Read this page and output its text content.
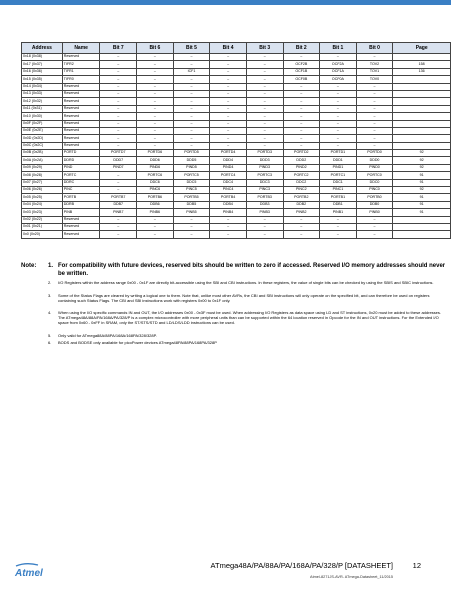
Address	Name	Bit 7	Bit 6	Bit 5	Bit 4	Bit 3	Bit 2	Bit 1	Bit 0	Page
0x18 (0x38)	Reserved	–	–	–	–	–	–	–	–	
0x17 (0x37)	TIFR2	–	–	–	–	–	OCF2B	OCF2A	TOV2	158
0x16 (0x36)	TIFR1	–	–	ICF1	–	–	OCF1B	OCF1A	TOV1	136
0x15 (0x35)	TIFR0	–	–	–	–	–	OCF0B	OCF0A	TOV0	
0x14 (0x34)	Reserved	–	–	–	–	–	–	–	–	
0x13 (0x33)	Reserved	–	–	–	–	–	–	–	–	
0x12 (0x32)	Reserved	–	–	–	–	–	–	–	–	
0x11 (0x31)	Reserved	–	–	–	–	–	–	–	–	
0x10 (0x30)	Reserved	–	–	–	–	–	–	–	–	
0x0F (0x2F)	Reserved	–	–	–	–	–	–	–	–	
0x0E (0x2E)	Reserved	–	–	–	–	–	–	–	–	
0x0D (0x2D)	Reserved	–	–	–	–	–	–	–	–	
0x0C (0x2C)	Reserved	–	–	–	–	–	–	–	–	
0x0B (0x2B)	PORTD	PORTD7	PORTD6	PORTD5	PORTD4	PORTD3	PORTD2	PORTD1	PORTD0	92
0x0A (0x2A)	DDRD	DDD7	DDD6	DDD5	DDD4	DDD3	DDD2	DDD1	DDD0	92
0x09 (0x29)	PIND	PIND7	PIND6	PIND5	PIND4	PIND3	PIND2	PIND1	PIND0	92
0x08 (0x28)	PORTC	–	PORTC6	PORTC5	PORTC4	PORTC3	PORTC2	PORTC1	PORTC0	91
0x07 (0x27)	DDRC	–	DDC6	DDC5	DDC4	DDC3	DDC2	DDC1	DDC0	91
0x06 (0x26)	PINC	–	PINC6	PINC5	PINC4	PINC3	PINC2	PINC1	PINC0	92
0x05 (0x25)	PORTB	PORTB7	PORTB6	PORTB5	PORTB4	PORTB3	PORTB2	PORTB1	PORTB0	91
0x04 (0x24)	DDRB	DDB7	DDB6	DDB5	DDB4	DDB3	DDB2	DDB1	DDB0	91
0x03 (0x23)	PINB	PINB7	PINB6	PINB5	PINB4	PINB3	PINB2	PINB1	PINB0	91
0x02 (0x22)	Reserved	–	–	–	–	–	–	–	–	
0x01 (0x21)	Reserved	–	–	–	–	–	–	–	–	
0x0 (0x20)	Reserved	–	–	–	–	–	–	–	–	
Note: 1. For compatibility with future devices, reserved bits should be written to zero if accessed. Reserved I/O memory addresses should never be written.
2. I/O Registers within the address range 0x00 - 0x1F are directly bit-accessible using the SBI and CBI instructions. In these registers, the value of single bits can be checked by using the SBIS and SBIC instructions.
3. Some of the Status Flags are cleared by writing a logical one to them. Note that, unlike most other AVRs, the CBI and SBI instructions will only operate on the specified bit, and can therefore be used on registers containing such Status Flags. The CBI and SBI instructions work with registers 0x00 to 0x1F only.
4. When using the I/O specific commands IN and OUT, the I/O addresses 0x00 - 0x3F must be used. When addressing I/O Registers as data space using LD and ST instructions, 0x20 must be added to these addresses. The ATmega48A/88A/PA/168A/PA/328/P is a complex microcontroller with more peripheral units than can be supported within the 64 location reserved in Opcode for the IN and OUT instructions. For the Extended I/O space from 0x60 - 0xFF in SRAM, only the ST/STS/STD and LD/LDS/LDD instructions can be used.
5. Only valid for ATmega88A/88PA/168A/168PA/328/328P.
6. BODS and BODSE only available for picoPower devices ATmega48PA/88PA/168PA/328P
Atmel
ATmega48A/PA/88A/PA/168A/PA/328/P [DATASHEET]	12
Atmel-8271JS-AVR- ATmega-Datasheet_11/2015
